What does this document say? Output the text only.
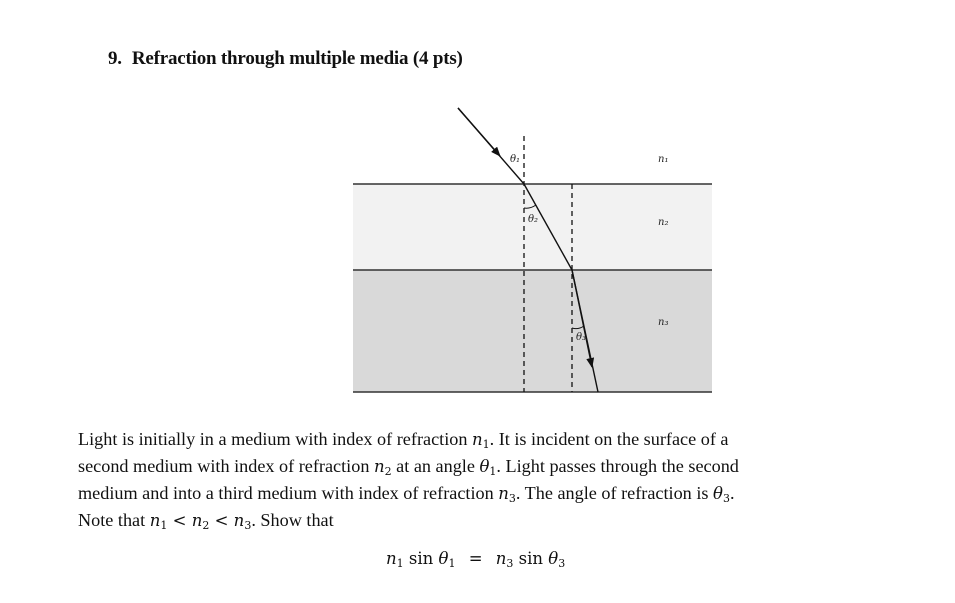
9. Refraction through multiple media (4 pts)
θ₁
θ₂
θ₃
n₁
n₂
n₃
Light is initially in a medium with index of refraction $n_1$. It is incident on the surface of a
second medium with index of refraction $n_2$ at an angle $\theta_1$. Light passes through the second
medium and into a third medium with index of refraction $n_3$. The angle of refraction is $\theta_3$.
Note that $n_1 < n_2 < n_3$. Show that
$n_1$ $\sin \theta_1 = n_3$ $\sin \theta_3$
